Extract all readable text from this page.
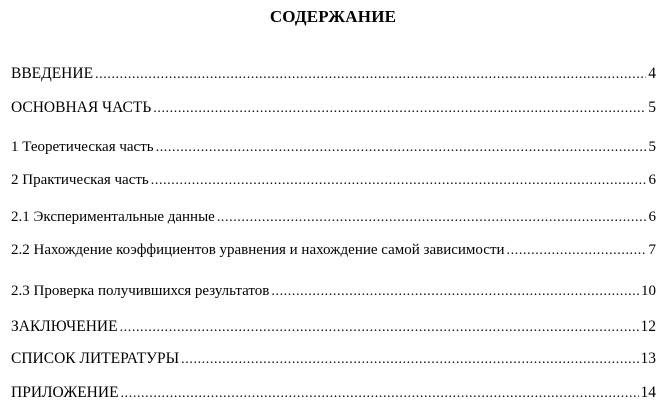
СОДЕРЖАНИЕ
ВВЕДЕНИЕ .....	4
ОСНОВНАЯ ЧАСТЬ .....	5
1 Теоретическая часть .....	5
2 Практическая часть .....	6
2.1 Экспериментальные данные .....	6
2.2 Нахождение коэффициентов уравнения и нахождение самой зависимости .....	7
2.3 Проверка получившихся результатов .....	10
ЗАКЛЮЧЕНИЕ .....	12
СПИСОК ЛИТЕРАТУРЫ .....	13
ПРИЛОЖЕНИЕ .....	14
